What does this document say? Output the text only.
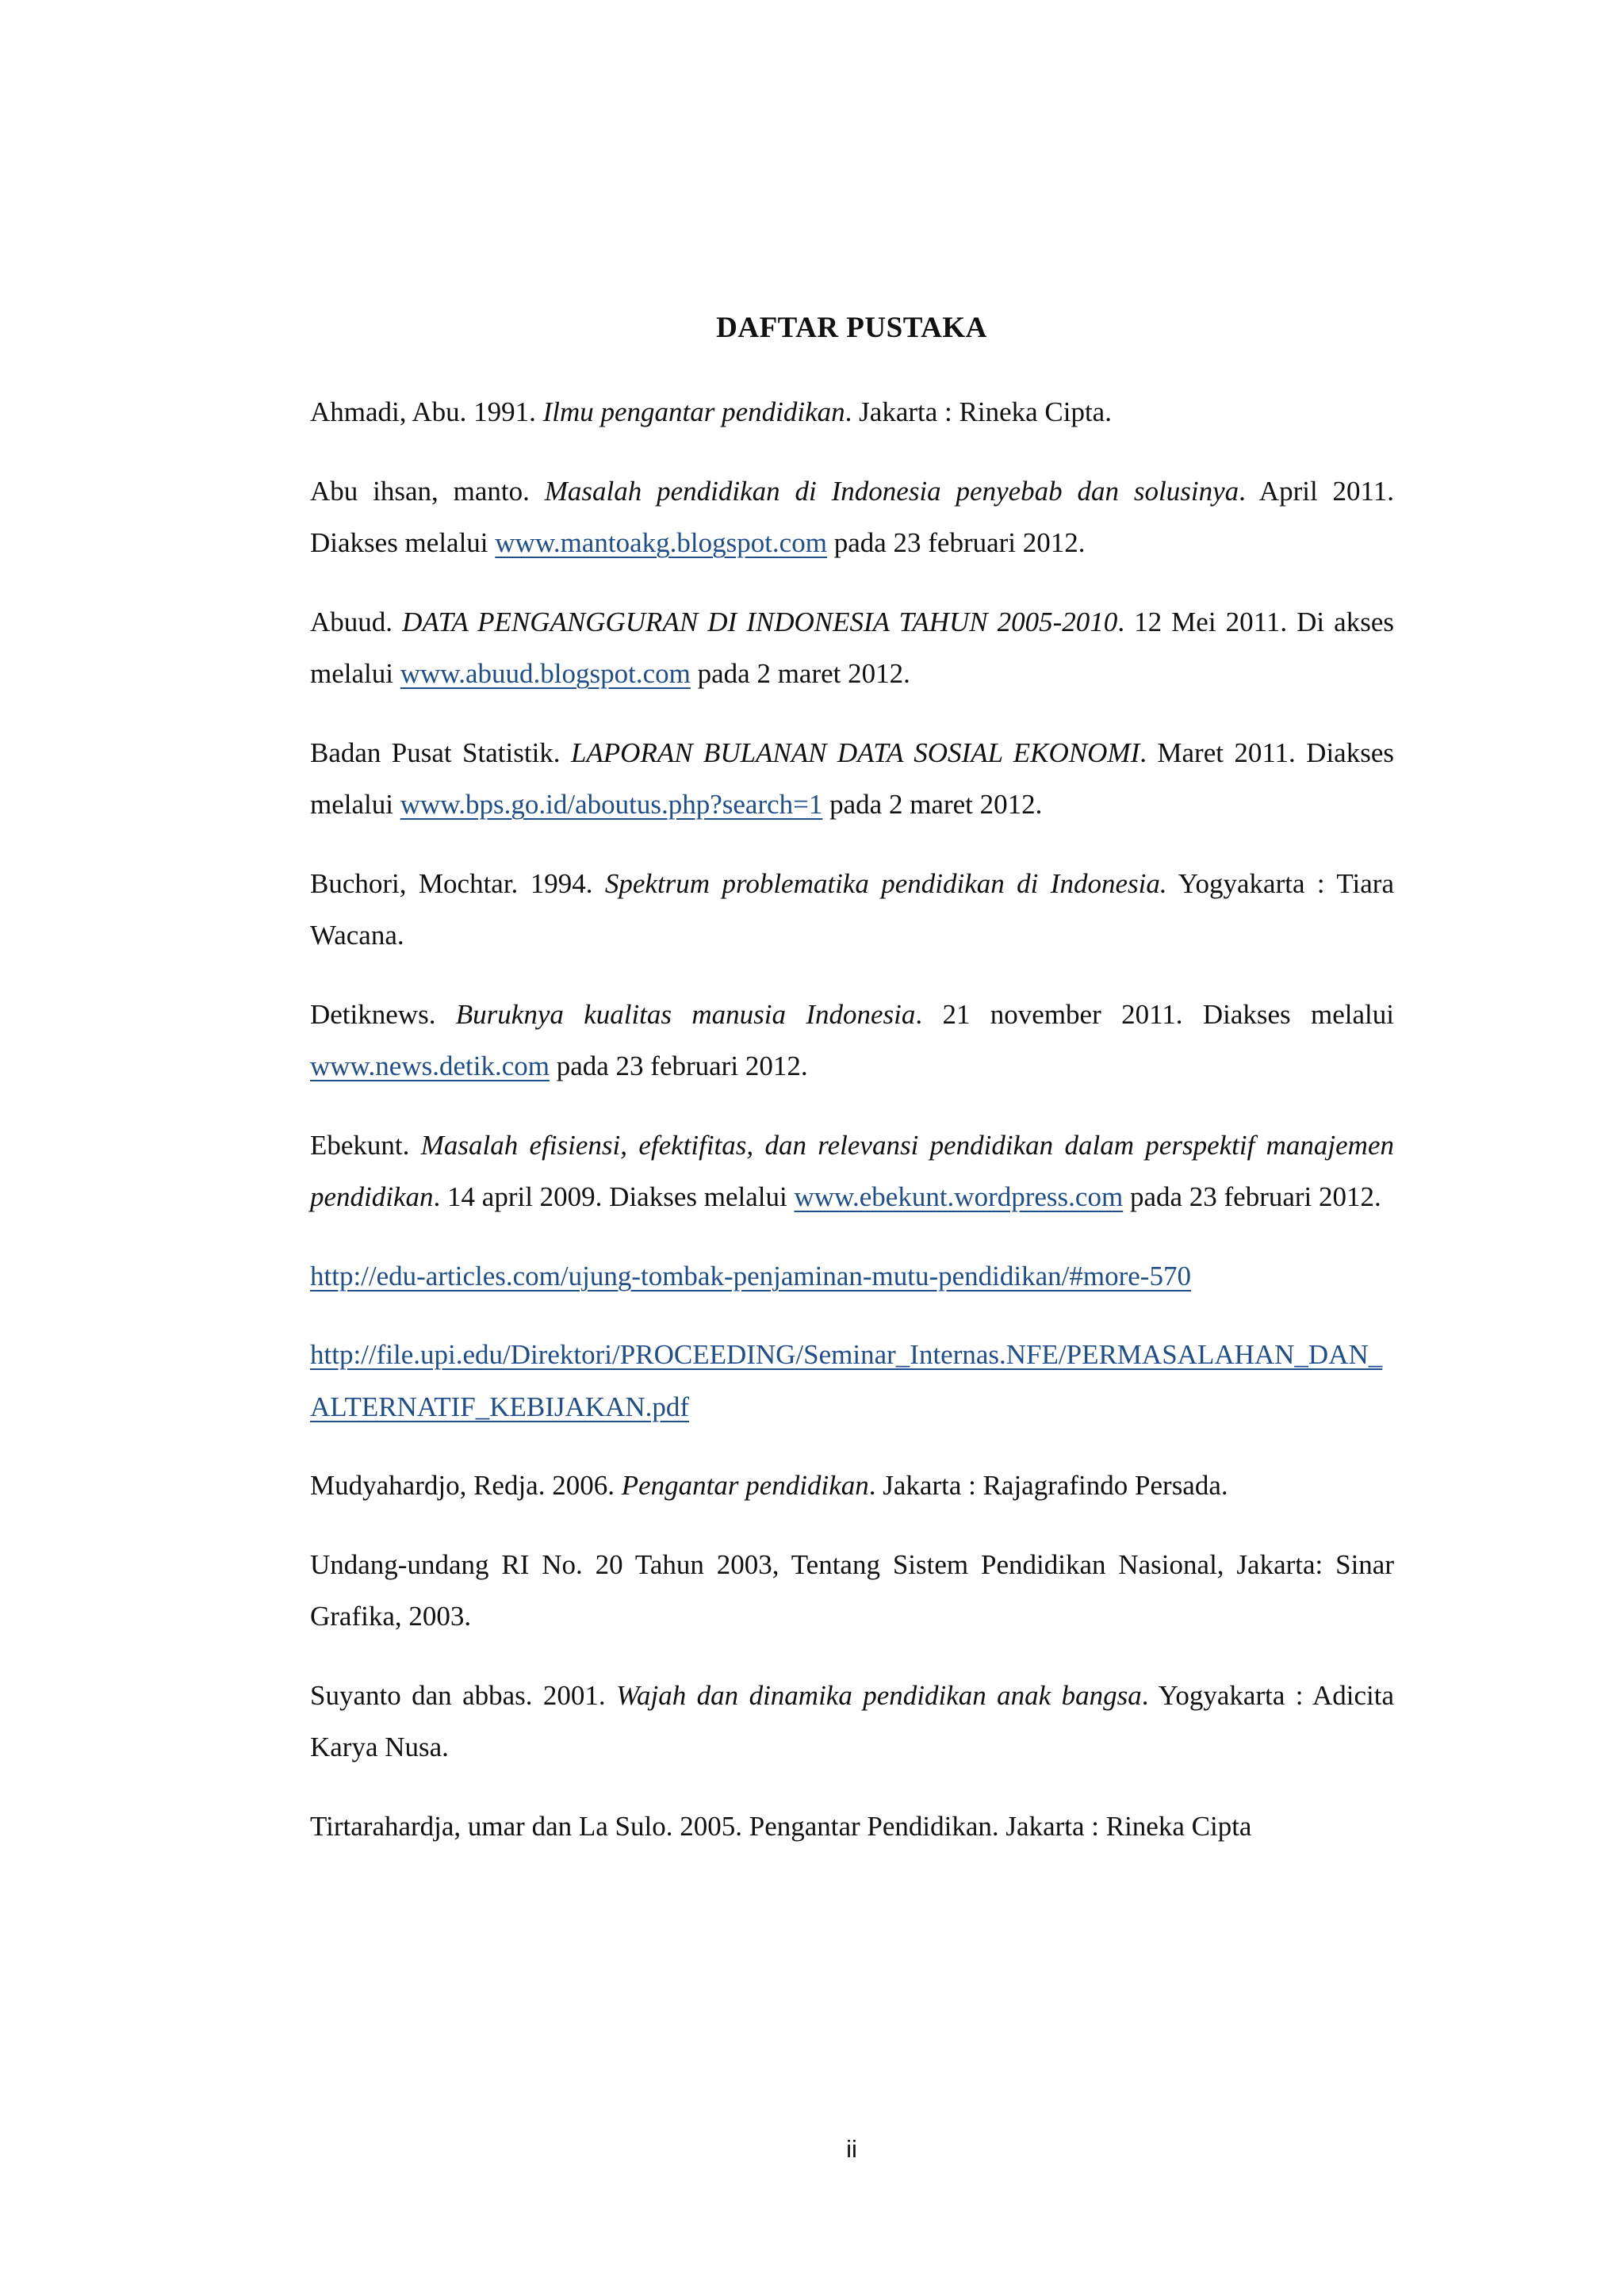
DAFTAR PUSTAKA
Ahmadi, Abu. 1991. Ilmu pengantar pendidikan. Jakarta : Rineka Cipta.
Abu ihsan, manto. Masalah pendidikan di Indonesia penyebab dan solusinya. April 2011. Diakses melalui www.mantoakg.blogspot.com pada 23 februari 2012.
Abuud. DATA PENGANGGURAN DI INDONESIA TAHUN 2005-2010. 12 Mei 2011. Di akses melalui www.abuud.blogspot.com pada 2 maret 2012.
Badan Pusat Statistik. LAPORAN BULANAN DATA SOSIAL EKONOMI. Maret 2011. Diakses melalui www.bps.go.id/aboutus.php?search=1 pada 2 maret 2012.
Buchori, Mochtar. 1994. Spektrum problematika pendidikan di Indonesia. Yogyakarta : Tiara Wacana.
Detiknews. Buruknya kualitas manusia Indonesia. 21 november 2011. Diakses melalui www.news.detik.com pada 23 februari 2012.
Ebekunt. Masalah efisiensi, efektifitas, dan relevansi pendidikan dalam perspektif manajemen pendidikan. 14 april 2009. Diakses melalui www.ebekunt.wordpress.com pada 23 februari 2012.
http://edu-articles.com/ujung-tombak-penjaminan-mutu-pendidikan/#more-570
http://file.upi.edu/Direktori/PROCEEDING/Seminar_Internas.NFE/PERMASALAHAN_DAN_ALTERNATIF_KEBIJAKAN.pdf
Mudyahardjo, Redja. 2006. Pengantar pendidikan. Jakarta : Rajagrafindo Persada.
Undang-undang RI No. 20 Tahun 2003, Tentang Sistem Pendidikan Nasional, Jakarta: Sinar Grafika, 2003.
Suyanto dan abbas. 2001. Wajah dan dinamika pendidikan anak bangsa. Yogyakarta : Adicita Karya Nusa.
Tirtarahardja, umar dan La Sulo. 2005. Pengantar Pendidikan. Jakarta : Rineka Cipta
ii
